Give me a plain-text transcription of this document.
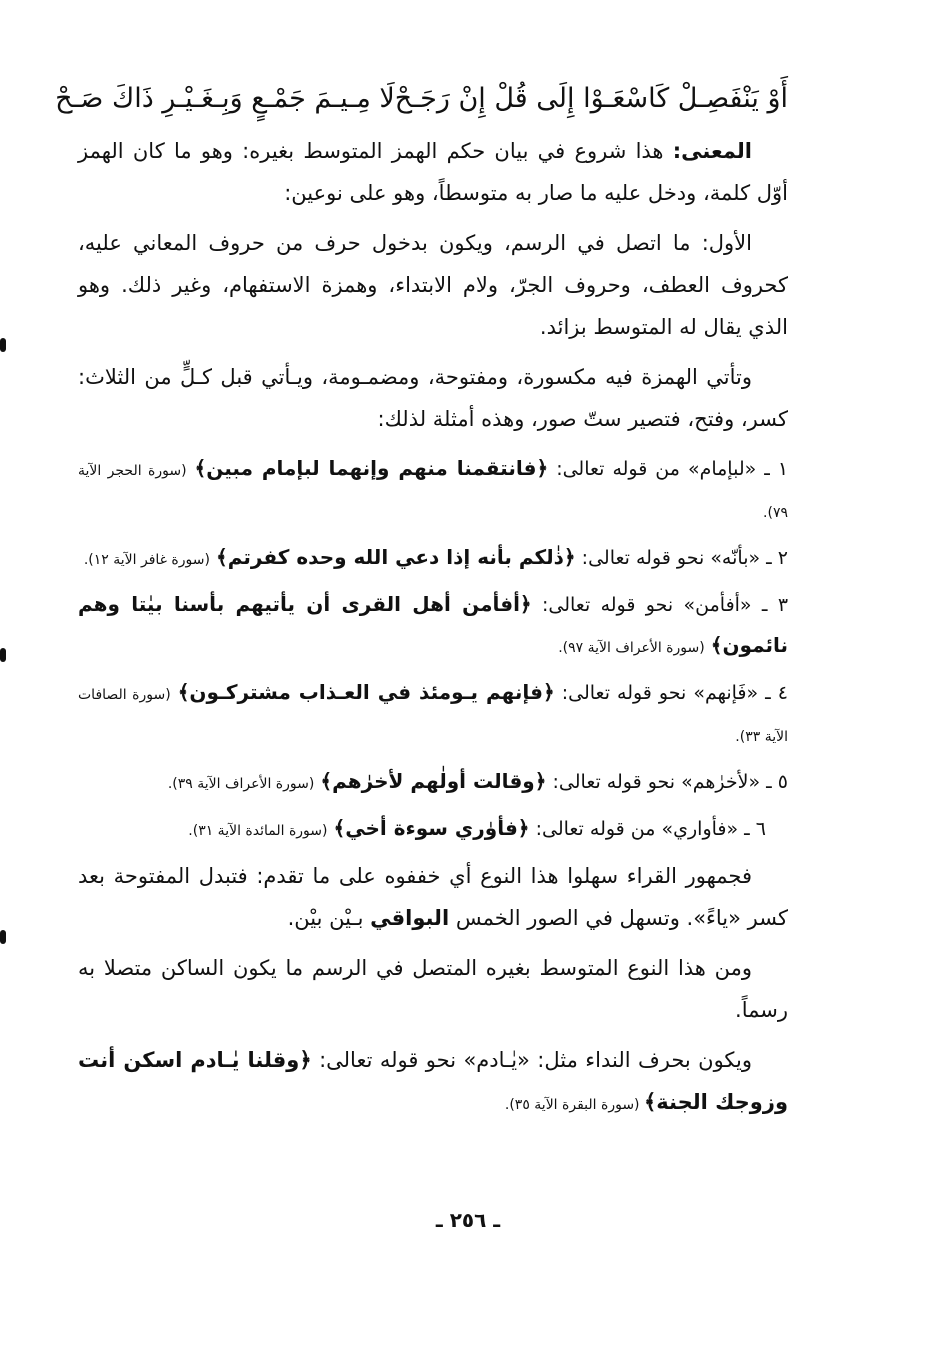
أَوْ يَنْفَصِـلْ كَاسْعَـوْا إِلَى قُلْ إِنْ رَجَـحْ
لَا مِـيـمَ جَمْـعٍ وَبِـغَـيْـرِ ذَاكَ صَـحْ

المعنى: هذا شروع في بيان حكم الهمز المتوسط بغيره: وهو ما كان الهمز أوّل كلمة، ودخل عليه ما صار به متوسطاً، وهو على نوعين:

الأول: ما اتصل في الرسم، ويكون بدخول حرف من حروف المعاني عليه، كحروف العطف، وحروف الجرّ، ولام الابتداء، وهمزة الاستفهام، وغير ذلك. وهو الذي يقال له المتوسط بزائد.

وتأتي الهمزة فيه مكسورة، ومفتوحة، ومضمـومة، ويـأتي قبل كـلٍّ من الثلاث: كسر، وفتح، فتصير ستّ صور، وهذه أمثلة لذلك:

١ ـ «لبإمام» من قوله تعالى: ﴿فانتقمنا منهم وإنهما لبإمام مبين﴾ (سورة الحجر الآية ٧٩).

٢ ـ «بأنّه» نحو قوله تعالى: ﴿ذٰلكم بأنه إذا دعي الله وحده كفرتم﴾ (سورة غافر الآية ١٢).

٣ ـ «أفأمن» نحو قوله تعالى: ﴿أفأمن أهل القرى أن يأتيهم بأسنا بيٰتا وهم نائمون﴾ (سورة الأعراف الآية ٩٧).

٤ ـ «فَإنهم» نحو قوله تعالى: ﴿فإنهم يـومئذ في العـذاب مشتركـون﴾ (سورة الصافات الآية ٣٣).

٥ ـ «لأخرٰهم» نحو قوله تعالى: ﴿وقالت أولٰهم لأخرٰهم﴾ (سورة الأعراف الآية ٣٩).

٦ ـ «فأواري» من قوله تعالى: ﴿فأوٰري سوءة أخي﴾ (سورة المائدة الآية ٣١).

فجمهور القراء سهلوا هذا النوع أي خففوه على ما تقدم: فتبدل المفتوحة بعد كسر «ياءً». وتسهل في الصور الخمس البواقي بـيْن بيْن.

ومن هذا النوع المتوسط بغيره المتصل في الرسم ما يكون الساكن متصلا به رسماً.

ويكون بحرف النداء مثل: «يٰـادم» نحو قوله تعالى: ﴿وقلنا يٰـادم اسكن أنت وزوجك الجنة﴾ (سورة البقرة الآية ٣٥).

ـ ٢٥٦ ـ
